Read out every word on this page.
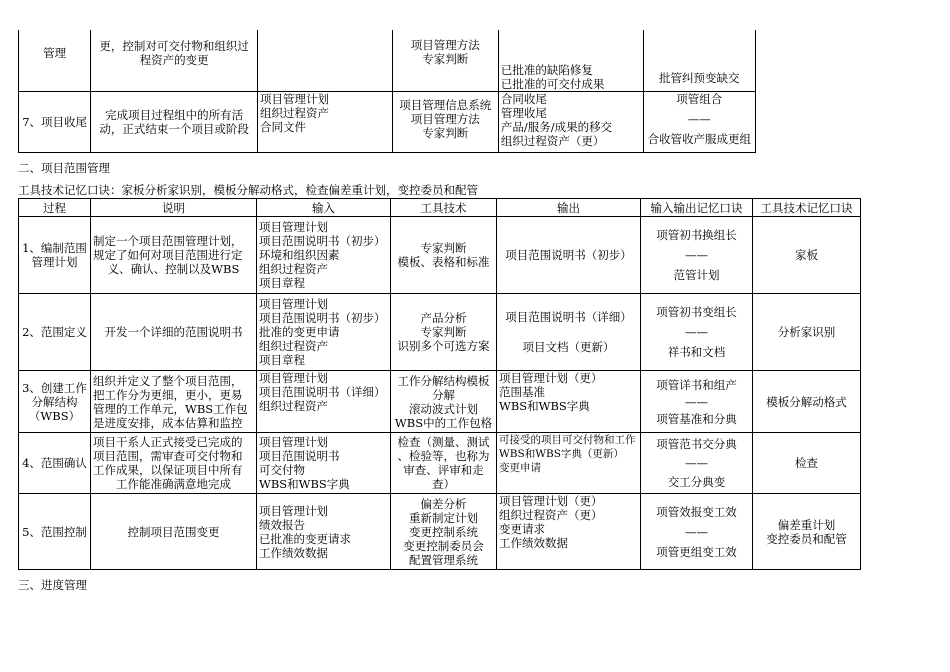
管理	更，控制对可交付物和组织过
程资产的变更		项目管理方法
专家判断	已批准的缺陷修复
已批准的可交付成果	批管纠预变缺交
7、项目收尾	完成项目过程组中的所有活
动，正式结束一个项目或阶段	项目管理计划
组织过程资产
合同文件	项目管理信息系统
项目管理方法
专家判断	合同收尾
管理收尾
产品/服务/成果的移交
组织过程资产（更）	项管组合
——
合收管收产服成更组
二、项目范围管理
工具技术记忆口诀：家板分析家识别，模板分解动格式，检查偏差重计划，变控委员和配管
过程	说明	输入	工具技术	输出	输入输出记忆口诀	工具技术记忆口诀

1、编制范围
管理计划	制定一个项目范围管理计划，
规定了如何对项目范围进行定
义、确认、控制以及WBS	项目管理计划
项目范围说明书（初步）
环境和组织因素
组织过程资产
项目章程	专家判断
模板、表格和标准	项目范围说明书（初步）	项管初书换组长
——
范管计划	家板

2、范围定义	开发一个详细的范围说明书	项目管理计划
项目范围说明书（初步）
批准的变更申请
组织过程资产
项目章程	产品分析
专家判断
识别多个可选方案	项目范围说明书（详细）
项目文档（更新）	项管初书变组长
——
祥书和文档	分析家识别

3、创建工作
分解结构
（WBS）	组织并定义了整个项目范围，
把工作分为更细，更小，更易
管理的工作单元，WBS工作包
是进度安排，成本估算和监控	项目管理计划
项目范围说明书（详细）
组织过程资产	工作分解结构模板
分解
滚动波式计划
WBS中的工作包格	项目管理计划（更）
范围基准
WBS和WBS字典	项管详书和组产
——
项管基准和分典	模板分解动格式

4、范围确认	项目干系人正式接受已完成的
项目范围，需审查可交付物和
工作成果，以保证项目中所有
工作能准确满意地完成	项目管理计划
项目范围说明书
可交付物
WBS和WBS字典	检查（测量、测试
、检验等，也称为
审查、评审和走
查）	可接受的项目可交付物和工作
WBS和WBS字典（更新）
变更申请	项管范书交分典
——
交工分典变	检查

5、范围控制	控制项目范围变更	项目管理计划
绩效报告
已批准的变更请求
工作绩效数据	偏差分析
重新制定计划
变更控制系统
变更控制委员会
配置管理系统	项目管理计划（更）
组织过程资产（更）
变更请求
工作绩效数据	项管效报变工效
——
项管更组变工效	偏差重计划
变控委员和配管
三、进度管理
